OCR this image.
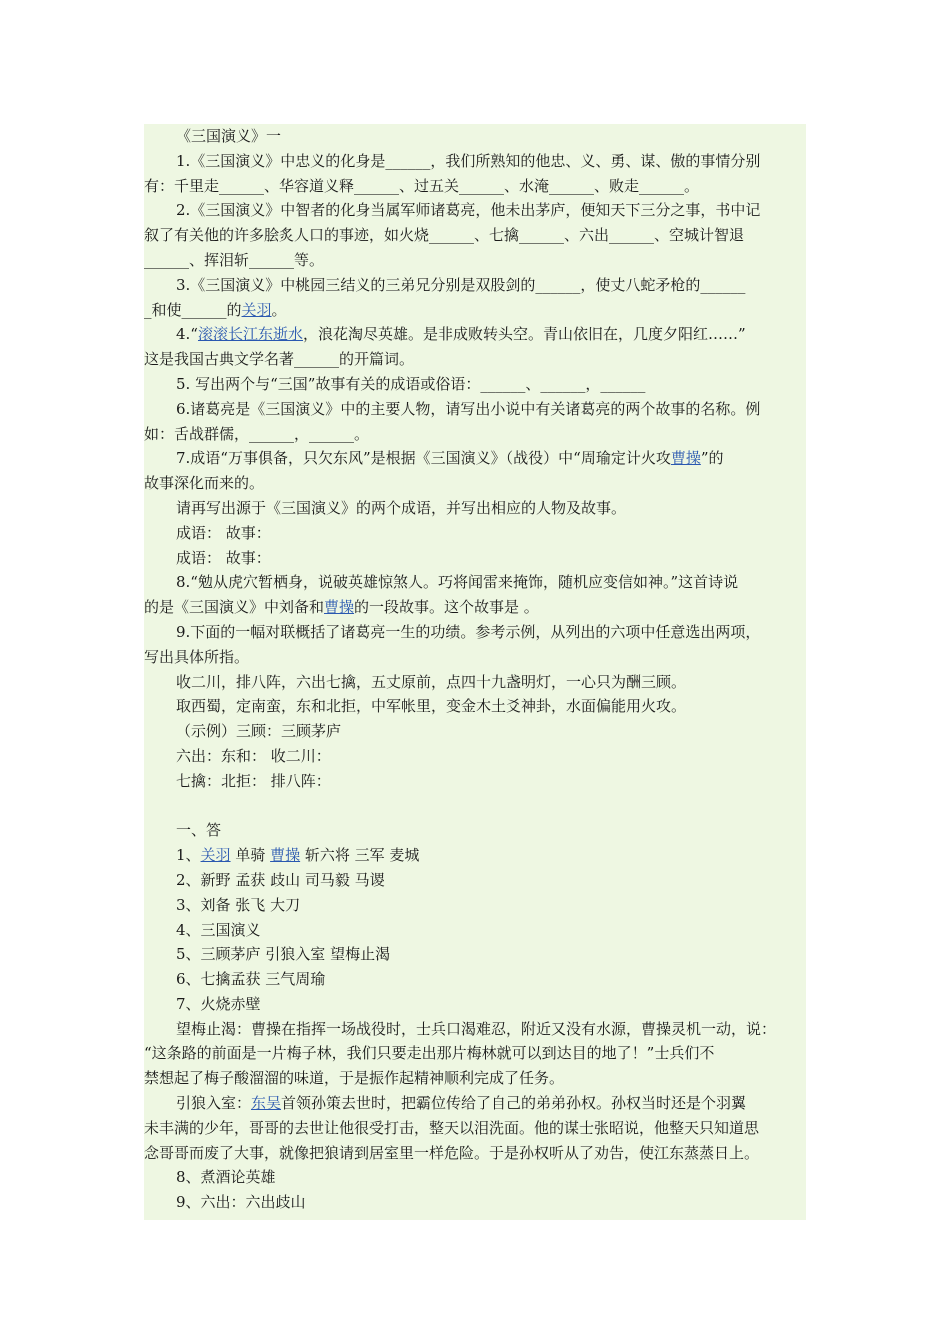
《三国演义》一

1.《三国演义》中忠义的化身是______，我们所熟知的他忠、义、勇、谋、傲的事情分别

有：千里走______、华容道义释______、过五关______、水淹______、败走______。

2.《三国演义》中智者的化身当属军师诸葛亮，他未出茅庐，便知天下三分之事，书中记

叙了有关他的许多脍炙人口的事迹，如火烧______、七擒______、六出______、空城计智退

______、挥泪斩______等。

3.《三国演义》中桃园三结义的三弟兄分别是双股剑的______，使丈八蛇矛枪的______

_和使______的关羽。

4.“滚滚长江东逝水，浪花淘尽英雄。是非成败转头空。青山依旧在，几度夕阳红……”

这是我国古典文学名著______的开篇词。

5. 写出两个与“三国”故事有关的成语或俗语：______、______，______

6.诸葛亮是《三国演义》中的主要人物，请写出小说中有关诸葛亮的两个故事的名称。例

如：舌战群儒，______，______。

7.成语“万事俱备，只欠东风”是根据《三国演义》（战役）中“周瑜定计火攻曹操”的

故事深化而来的。

请再写出源于《三国演义》的两个成语，并写出相应的人物及故事。

成语： 故事：

成语： 故事：

8.“勉从虎穴暂栖身，说破英雄惊煞人。巧将闻雷来掩饰，随机应变信如神。”这首诗说

的是《三国演义》中刘备和曹操的一段故事。这个故事是 。

9.下面的一幅对联概括了诸葛亮一生的功绩。参考示例，从列出的六项中任意选出两项，

写出具体所指。

收二川，排八阵，六出七擒，五丈原前，点四十九盏明灯，一心只为酬三顾。

取西蜀，定南蛮，东和北拒，中军帐里，变金木土爻神卦，水面偏能用火攻。

（示例）三顾：三顾茅庐

六出：东和： 收二川：

七擒：北拒： 排八阵：

一、答

1、关羽 单骑 曹操 斩六将 三军 麦城

2、新野 孟获 歧山 司马毅 马谡

3、刘备 张飞 大刀

4、三国演义

5、三顾茅庐 引狼入室 望梅止渴

6、七擒孟获 三气周瑜

7、火烧赤壁

望梅止渴：曹操在指挥一场战役时，士兵口渴难忍，附近又没有水源，曹操灵机一动，说：

“这条路的前面是一片梅子林，我们只要走出那片梅林就可以到达目的地了！”士兵们不

禁想起了梅子酸溜溜的味道，于是振作起精神顺利完成了任务。

引狼入室：东吴首领孙策去世时，把霸位传给了自己的弟弟孙权。孙权当时还是个羽翼

未丰满的少年，哥哥的去世让他很受打击，整天以泪洗面。他的谋士张昭说，他整天只知道思

念哥哥而废了大事，就像把狼请到居室里一样危险。于是孙权听从了劝告，使江东蒸蒸日上。

8、煮酒论英雄

9、六出：六出歧山
